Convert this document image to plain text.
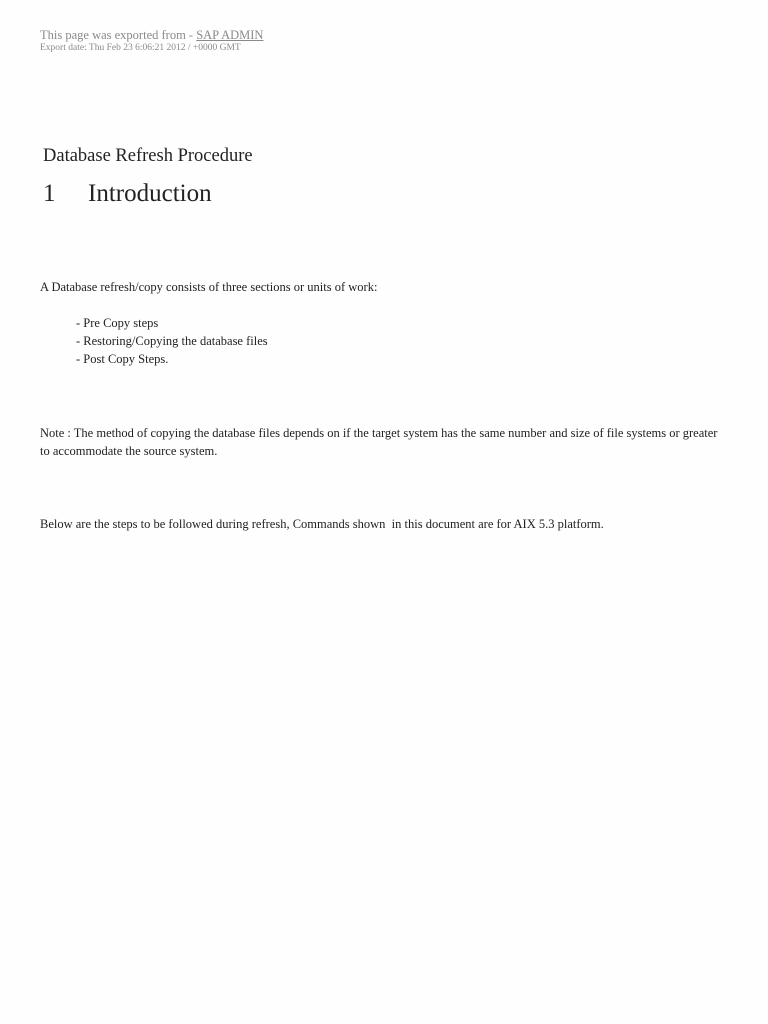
This page was exported from - SAP ADMIN
Export date: Thu Feb 23 6:06:21 2012 / +0000 GMT
Database Refresh Procedure
1 Introduction
A Database refresh/copy consists of three sections or units of work:
- Pre Copy steps
- Restoring/Copying the database files
- Post Copy Steps.
Note : The method of copying the database files depends on if the target system has the same number and size of file systems or greater to accommodate the source system.
Below are the steps to be followed during refresh, Commands shown  in this document are for AIX 5.3 platform.
